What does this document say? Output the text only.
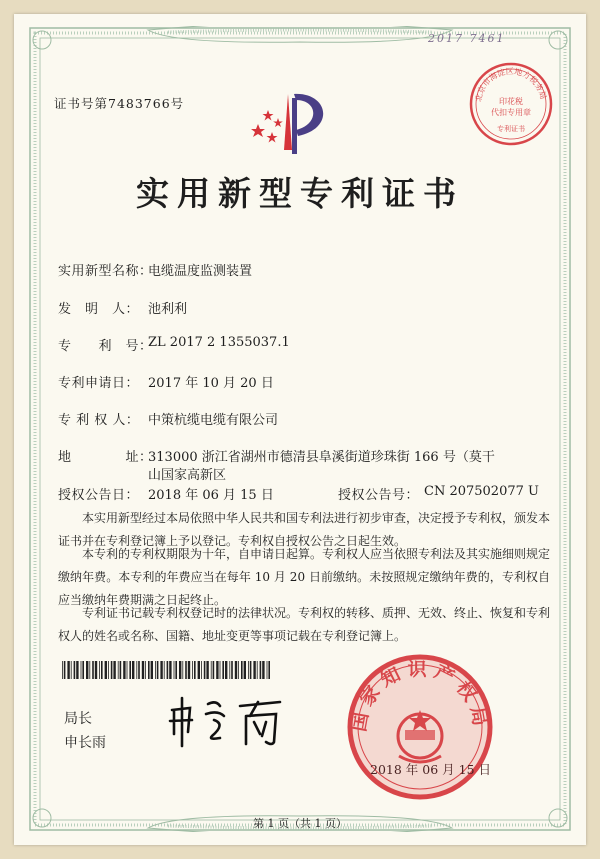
2017 7461
北京市海淀区地方税务局
印花税
代扣专用章
专利证书
证书号第7483766号
实用新型专利证书
实用新型名称：
电缆温度监测装置
发　明　人： 池利利
专　　利　号：
ZL 2017 2 1355037.1
专利申请日： 2017 年 10 月 20 日
专 利 权 人： 中策杭缆电缆有限公司
地　　　　址：
313000 浙江省湖州市德清县阜溪街道珍珠街 166 号（莫干
山国家高新区
授权公告日： 2018 年 06 月 15 日	授权公告号： CN 207502077 U
本实用新型经过本局依照中华人民共和国专利法进行初步审查，决定授予专利权，颁发本证书并在专利登记簿上予以登记。专利权自授权公告之日起生效。
本专利的专利权期限为十年，自申请日起算。专利权人应当依照专利法及其实施细则规定缴纳年费。本专利的年费应当在每年 10 月 20 日前缴纳。未按照规定缴纳年费的，专利权自应当缴纳年费期满之日起终止。
专利证书记载专利权登记时的法律状况。专利权的转移、质押、无效、终止、恢复和专利权人的姓名或名称、国籍、地址变更等事项记载在专利登记簿上。
局长
申长雨
国家知识产权局
2018 年 06 月 15 日
第 1 页（共 1 页）
